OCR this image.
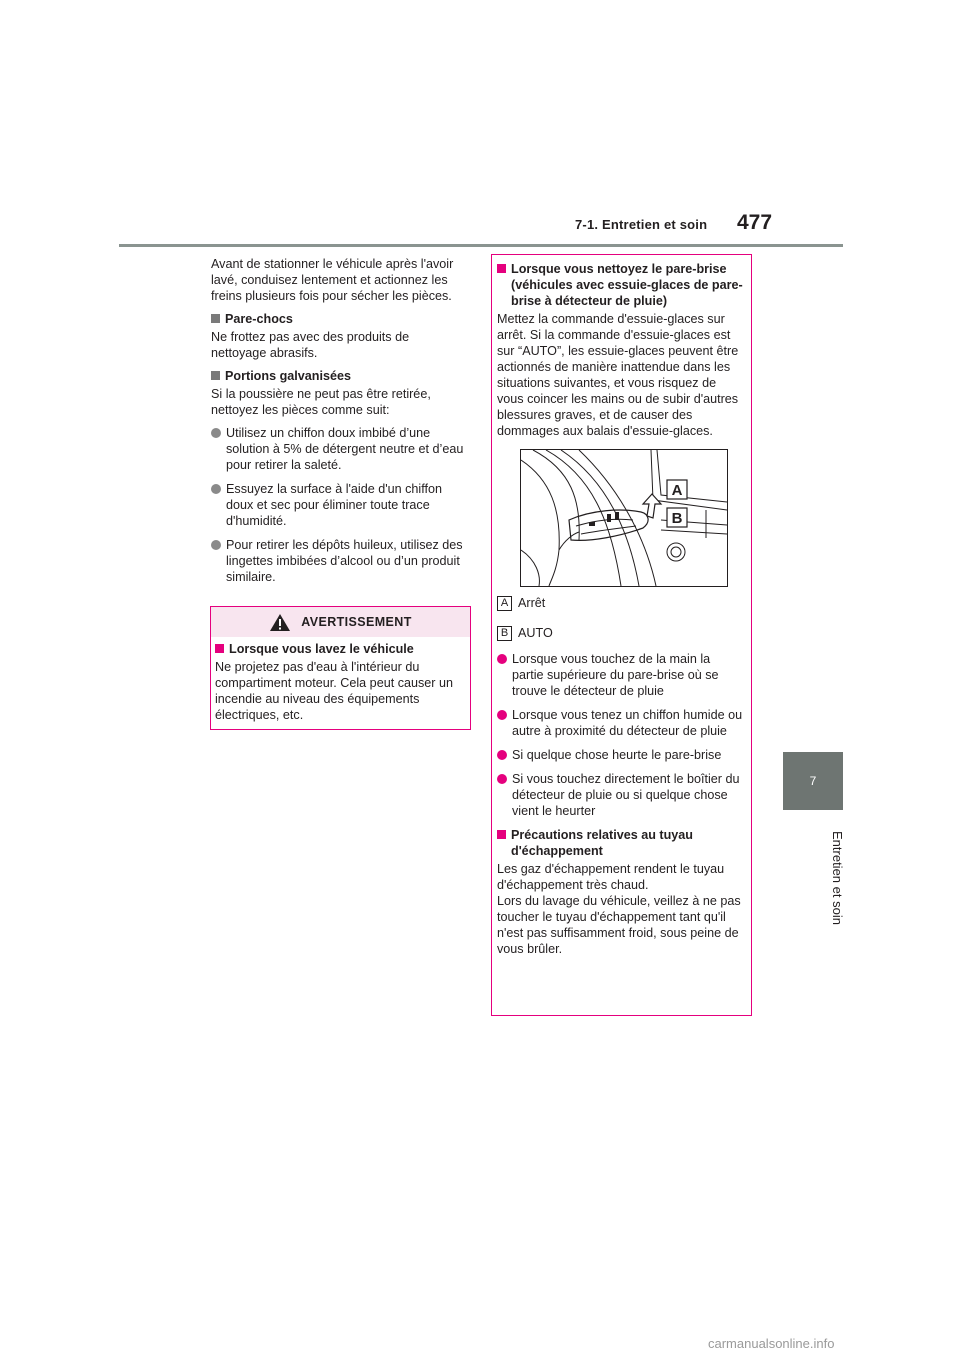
7-1. Entretien et soin 477
7
Entretien et soin

Avant de stationner le véhicule après l'avoir lavé, conduisez lentement et actionnez les freins plusieurs fois pour sécher les pièces.

Pare-chocs

Ne frottez pas avec des produits de nettoyage abrasifs.

Portions galvanisées

Si la poussière ne peut pas être retirée, nettoyez les pièces comme suit:

Utilisez un chiffon doux imbibé d’une solution à 5% de détergent neutre et d’eau pour retirer la saleté.
Essuyez la surface à l'aide d'un chiffon doux et sec pour éliminer toute trace d'humidité.
Pour retirer les dépôts huileux, utilisez des lingettes imbibées d’alcool ou d’un produit similaire.
AVERTISSEMENT
Lorsque vous lavez le véhicule

Ne projetez pas d'eau à l'intérieur du compartiment moteur. Cela peut causer un incendie au niveau des équipements électriques, etc.

Lorsque vous nettoyez le pare-brise (véhicules avec essuie-glaces de pare-brise à détecteur de pluie)

Mettez la commande d'essuie-glaces sur arrêt. Si la commande d'essuie-glaces est sur “AUTO”, les essuie-glaces peuvent être actionnés de manière inattendue dans les situations suivantes, et vous risquez de vous coincer les mains ou de subir d'autres blessures graves, et de causer des dommages aux balais d'essuie-glaces.

A
B
A Arrêt
B AUTO
Lorsque vous touchez de la main la partie supérieure du pare-brise où se trouve le détecteur de pluie
Lorsque vous tenez un chiffon humide ou autre à proximité du détecteur de pluie
Si quelque chose heurte le pare-brise
Si vous touchez directement le boîtier du détecteur de pluie ou si quelque chose vient le heurter
Précautions relatives au tuyau d'échappement

Les gaz d'échappement rendent le tuyau d'échappement très chaud.

Lors du lavage du véhicule, veillez à ne pas toucher le tuyau d'échappement tant qu'il n'est pas suffisamment froid, sous peine de vous brûler.

carmanualsonline.info
